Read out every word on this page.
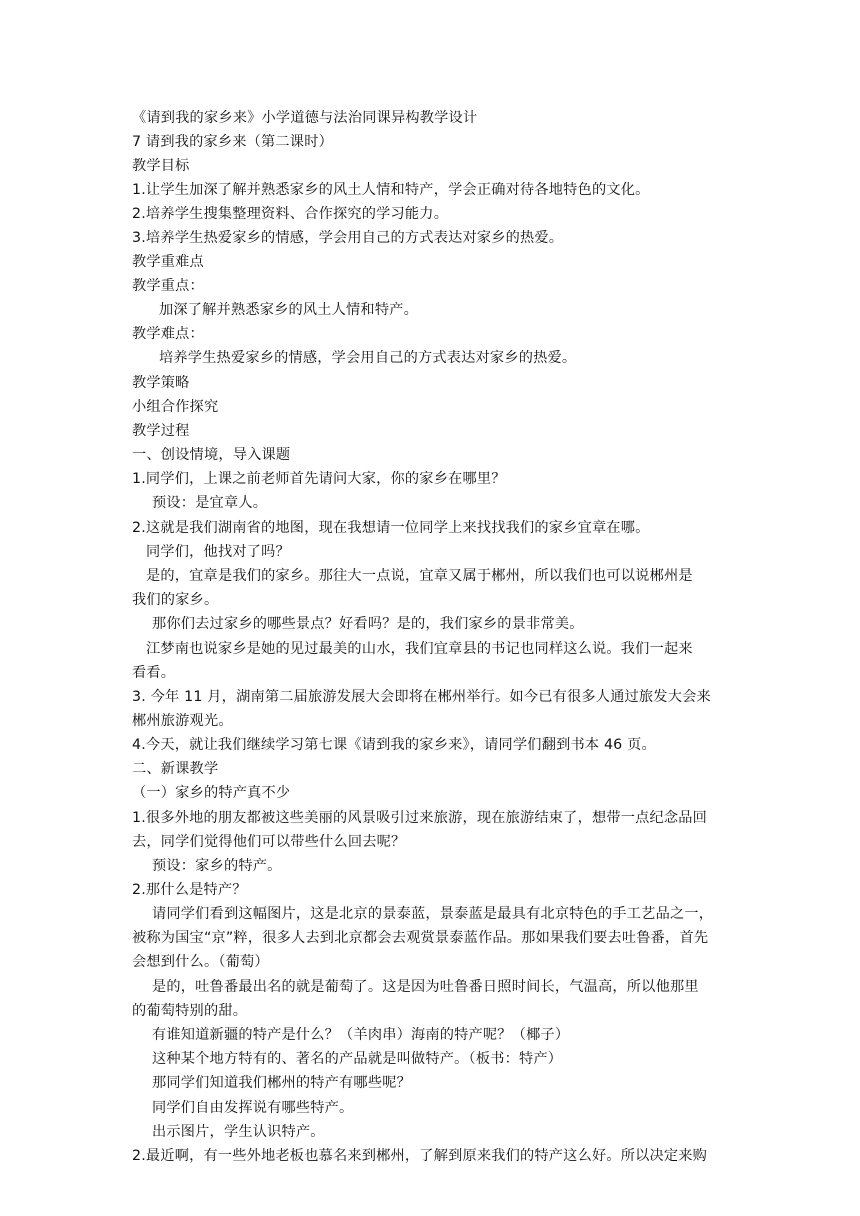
《请到我的家乡来》小学道德与法治同课异构教学设计
7 请到我的家乡来（第二课时）
教学目标
1.让学生加深了解并熟悉家乡的风土人情和特产，学会正确对待各地特色的文化。
2.培养学生搜集整理资料、合作探究的学习能力。
3.培养学生热爱家乡的情感，学会用自己的方式表达对家乡的热爱。
教学重难点
教学重点：
加深了解并熟悉家乡的风土人情和特产。
教学难点：
培养学生热爱家乡的情感，学会用自己的方式表达对家乡的热爱。
教学策略
小组合作探究
教学过程
一、创设情境，导入课题
1.同学们，上课之前老师首先请问大家，你的家乡在哪里？
预设：是宜章人。
2.这就是我们湖南省的地图，现在我想请一位同学上来找找我们的家乡宜章在哪。
同学们，他找对了吗？
是的，宜章是我们的家乡。那往大一点说，宜章又属于郴州，所以我们也可以说郴州是
我们的家乡。
那你们去过家乡的哪些景点？好看吗？是的，我们家乡的景非常美。
江梦南也说家乡是她的见过最美的山水，我们宜章县的书记也同样这么说。我们一起来
看看。
3. 今年 11 月，湖南第二届旅游发展大会即将在郴州举行。如今已有很多人通过旅发大会来
郴州旅游观光。
4.今天，就让我们继续学习第七课《请到我的家乡来》，请同学们翻到书本 46 页。
二、新课教学
（一）家乡的特产真不少
1.很多外地的朋友都被这些美丽的风景吸引过来旅游，现在旅游结束了，想带一点纪念品回
去，同学们觉得他们可以带些什么回去呢？
预设：家乡的特产。
2.那什么是特产？
请同学们看到这幅图片，这是北京的景泰蓝，景泰蓝是最具有北京特色的手工艺品之一，
被称为国宝“京”粹，很多人去到北京都会去观赏景泰蓝作品。那如果我们要去吐鲁番，首先
会想到什么。（葡萄）
是的，吐鲁番最出名的就是葡萄了。这是因为吐鲁番日照时间长，气温高，所以他那里
的葡萄特别的甜。
有谁知道新疆的特产是什么？（羊肉串）海南的特产呢？（椰子）
这种某个地方特有的、著名的产品就是叫做特产。（板书：特产）
那同学们知道我们郴州的特产有哪些呢？
同学们自由发挥说有哪些特产。
出示图片，学生认识特产。
2.最近啊，有一些外地老板也慕名来到郴州，了解到原来我们的特产这么好。所以决定来购
